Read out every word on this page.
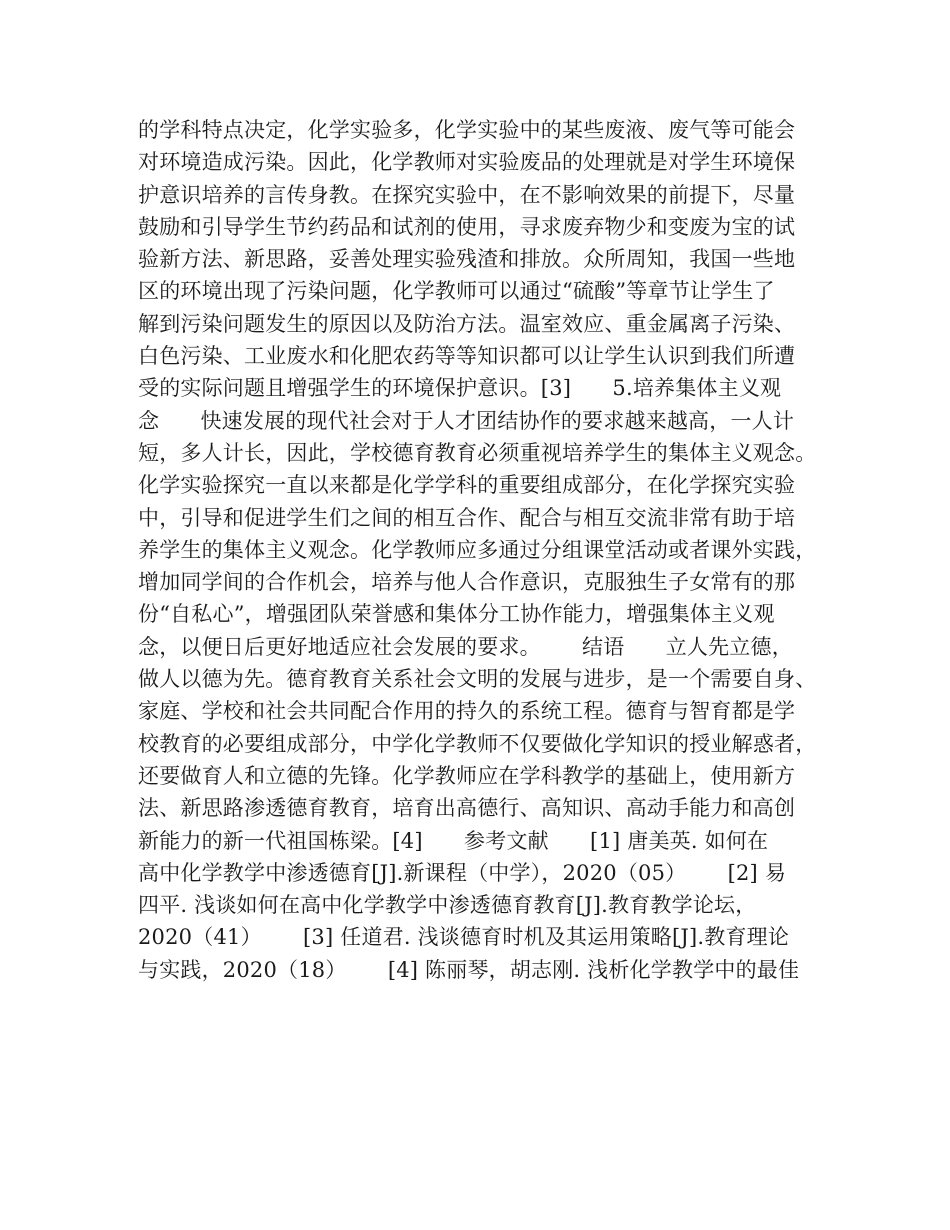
的学科特点决定，化学实验多，化学实验中的某些废液、废气等可能会
对环境造成污染。因此，化学教师对实验废品的处理就是对学生环境保
护意识培养的言传身教。在探究实验中，在不影响效果的前提下，尽量
鼓励和引导学生节约药品和试剂的使用，寻求废弃物少和变废为宝的试
验新方法、新思路，妥善处理实验残渣和排放。众所周知，我国一些地
区的环境出现了污染问题，化学教师可以通过“硫酸”等章节让学生了
解到污染问题发生的原因以及防治方法。温室效应、重金属离子污染、
白色污染、工业废水和化肥农药等等知识都可以让学生认识到我们所遭
受的实际问题且增强学生的环境保护意识。[3]      5.培养集体主义观
念      快速发展的现代社会对于人才团结协作的要求越来越高，一人计
短，多人计长，因此，学校德育教育必须重视培养学生的集体主义观念。
化学实验探究一直以来都是化学学科的重要组成部分，在化学探究实验
中，引导和促进学生们之间的相互合作、配合与相互交流非常有助于培
养学生的集体主义观念。化学教师应多通过分组课堂活动或者课外实践，
增加同学间的合作机会，培养与他人合作意识，克服独生子女常有的那
份“自私心”，增强团队荣誉感和集体分工协作能力，增强集体主义观
念，以便日后更好地适应社会发展的要求。      结语      立人先立德，
做人以德为先。德育教育关系社会文明的发展与进步，是一个需要自身、
家庭、学校和社会共同配合作用的持久的系统工程。德育与智育都是学
校教育的必要组成部分，中学化学教师不仅要做化学知识的授业解惑者，
还要做育人和立德的先锋。化学教师应在学科教学的基础上，使用新方
法、新思路渗透德育教育，培育出高德行、高知识、高动手能力和高创
新能力的新一代祖国栋梁。[4]      参考文献      [1] 唐美英. 如何在
高中化学教学中渗透德育[J].新课程（中学），2020（05）      [2] 易
四平. 浅谈如何在高中化学教学中渗透德育教育[J].教育教学论坛，
2020（41）      [3] 任道君. 浅谈德育时机及其运用策略[J].教育理论
与实践，2020（18）      [4] 陈丽琴，胡志刚. 浅析化学教学中的最佳
